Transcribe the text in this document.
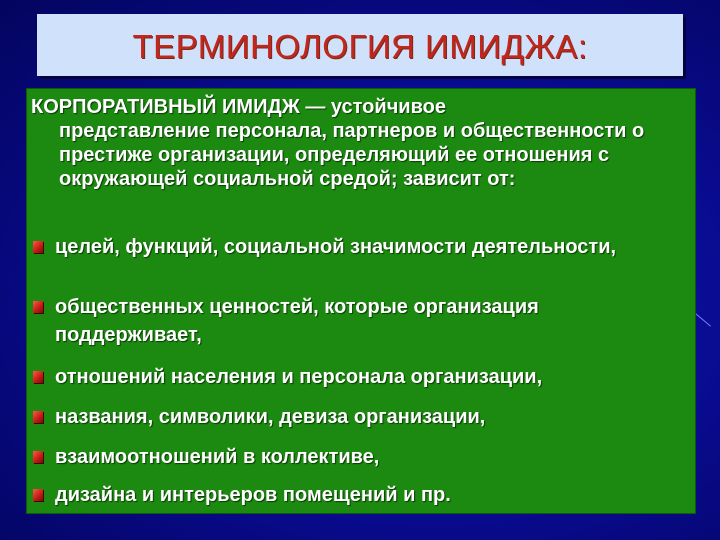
ТЕРМИНОЛОГИЯ ИМИДЖА:
КОРПОРАТИВНЫЙ ИМИДЖ — устойчивое
представление персонала, партнеров и общественности о престиже организации, определяющий ее отношения с окружающей социальной средой; зависит от:
целей, функций, социальной значимости деятельности,
общественных ценностей, которые организация поддерживает,
отношений населения и персонала организации,
названия, символики, девиза организации,
взаимоотношений в коллективе,
дизайна и интерьеров помещений и пр.
